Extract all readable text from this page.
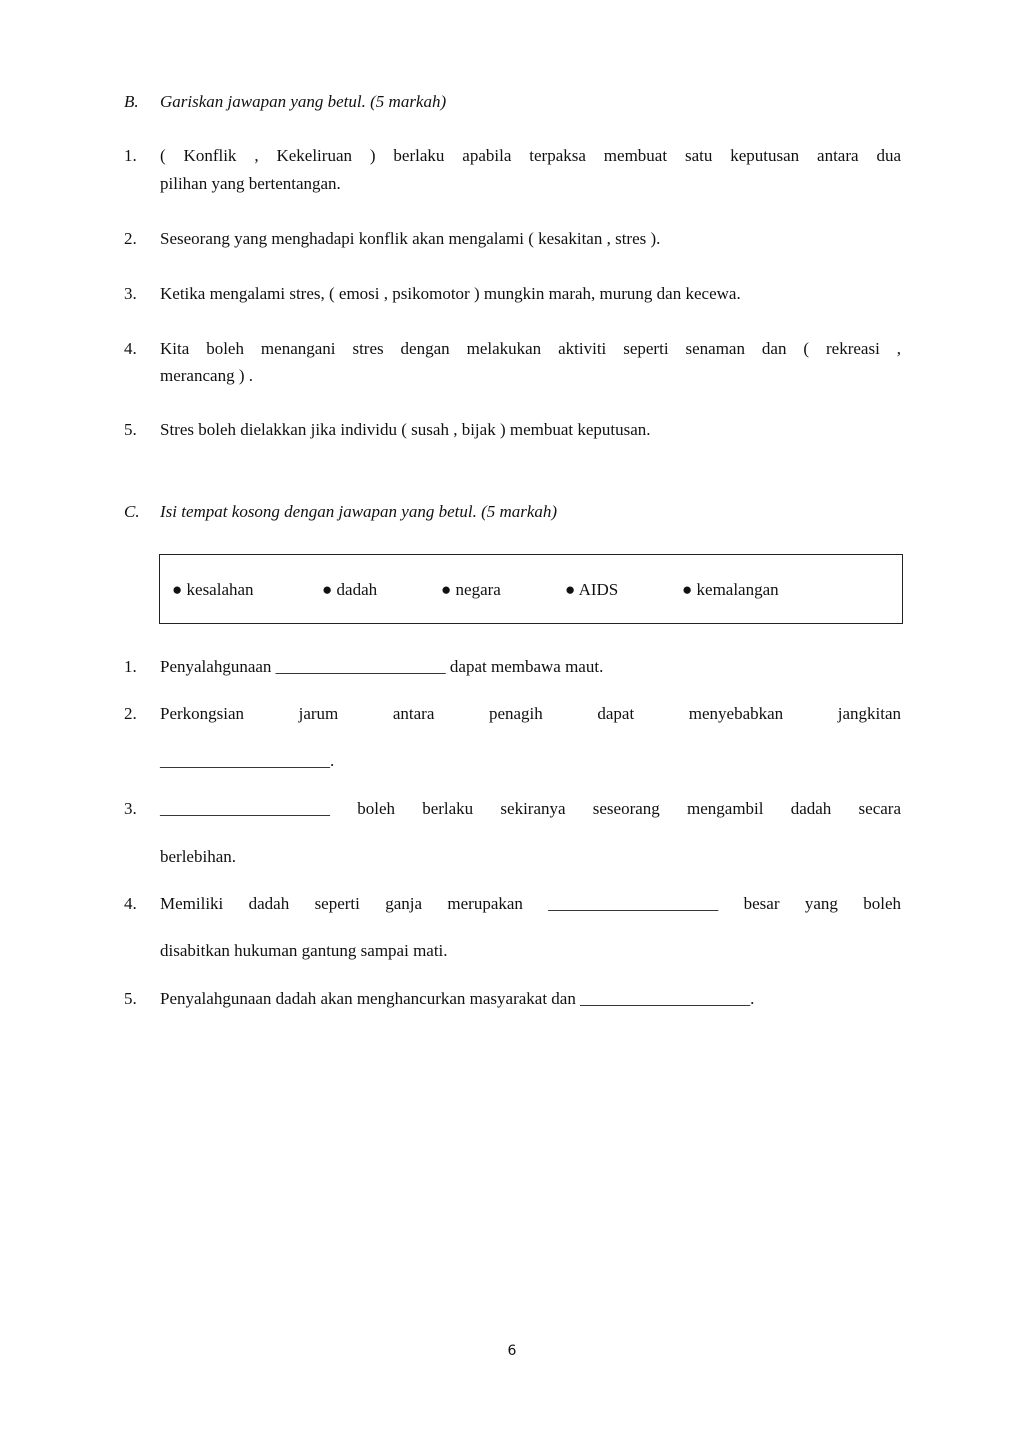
B. Gariskan jawapan yang betul. (5 markah)
1. ( Konflik , Kekeliruan ) berlaku apabila terpaksa membuat satu keputusan antara dua
pilihan yang bertentangan.
2. Seseorang yang menghadapi konflik akan mengalami ( kesakitan , stres ).
3. Ketika mengalami stres, ( emosi , psikomotor ) mungkin marah, murung dan kecewa.
4. Kita boleh menangani stres dengan melakukan aktiviti seperti senaman dan ( rekreasi ,
merancang ) .
5. Stres boleh dielakkan jika individu ( susah , bijak ) membuat keputusan.
C. Isi tempat kosong dengan jawapan yang betul. (5 markah)
● kesalahan	● dadah	● negara	● AIDS	● kemalangan
1. Penyalahgunaan ____________________ dapat membawa maut.
2. Perkongsian jarum antara penagih dapat menyebabkan jangkitan
____________________.
3. ____________________ boleh berlaku sekiranya seseorang mengambil dadah secara
berlebihan.
4. Memiliki dadah seperti ganja merupakan ____________________ besar yang boleh
disabitkan hukuman gantung sampai mati.
5. Penyalahgunaan dadah akan menghancurkan masyarakat dan ____________________.
6
